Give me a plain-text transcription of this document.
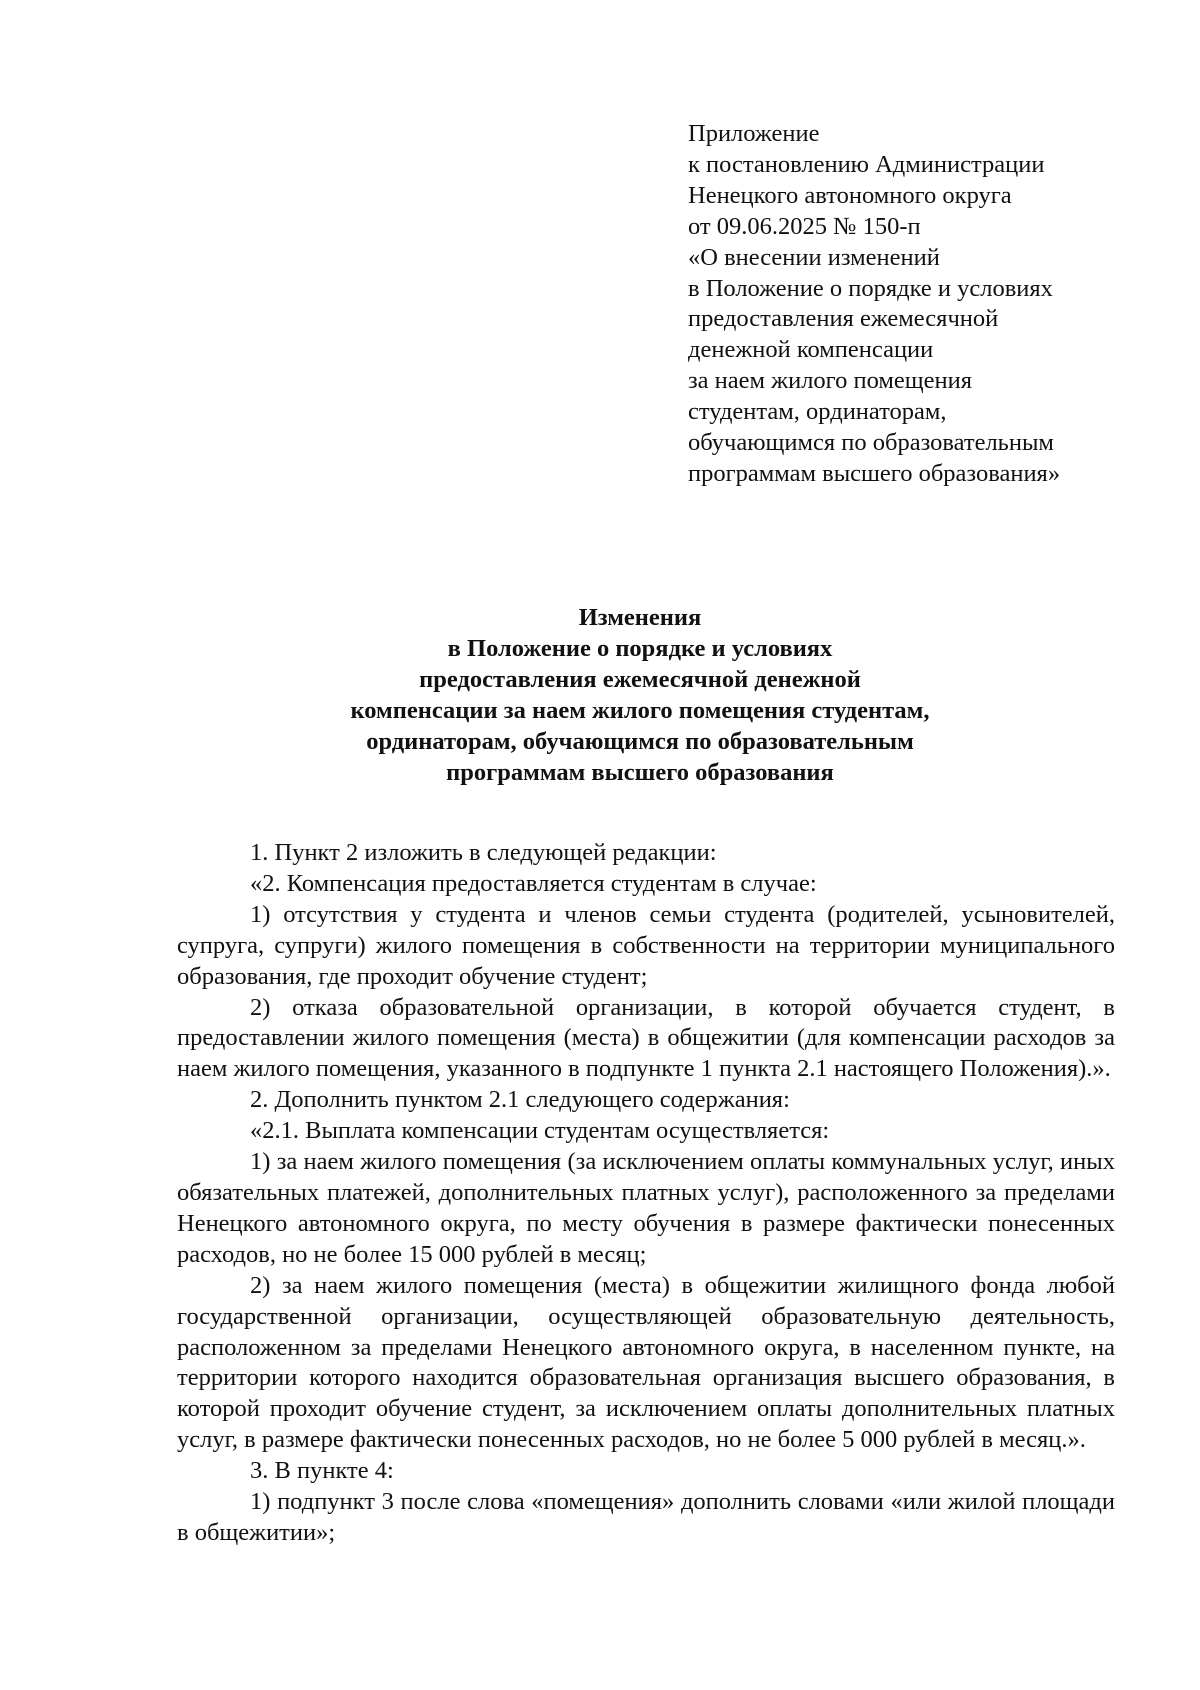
Приложение
к постановлению Администрации
Ненецкого автономного округа
от 09.06.2025 № 150-п
«О внесении изменений
в Положение о порядке и условиях
предоставления ежемесячной
денежной компенсации
за наем жилого помещения
студентам, ординаторам,
обучающимся по образовательным
программам высшего образования»
Изменения
в Положение о порядке и условиях
предоставления ежемесячной денежной
компенсации за наем жилого помещения студентам,
ординаторам, обучающимся по образовательным
программам высшего образования

1. Пункт 2 изложить в следующей редакции:

«2. Компенсация предоставляется студентам в случае:

1) отсутствия у студента и членов семьи студента (родителей, усыновителей, супруга, супруги) жилого помещения в собственности на территории муниципального образования, где проходит обучение студент;

2) отказа образовательной организации, в которой обучается студент, в предоставлении жилого помещения (места) в общежитии (для компенсации расходов за наем жилого помещения, указанного в подпункте 1 пункта 2.1 настоящего Положения).».

2. Дополнить пунктом 2.1 следующего содержания:

«2.1. Выплата компенсации студентам осуществляется:

1) за наем жилого помещения (за исключением оплаты коммунальных услуг, иных обязательных платежей, дополнительных платных услуг), расположенного за пределами Ненецкого автономного округа, по месту обучения в размере фактически понесенных расходов, но не более 15 000 рублей в месяц;

2) за наем жилого помещения (места) в общежитии жилищного фонда любой государственной организации, осуществляющей образовательную деятельность, расположенном за пределами Ненецкого автономного округа, в населенном пункте, на территории которого находится образовательная организация высшего образования, в которой проходит обучение студент, за исключением оплаты дополнительных платных услуг, в размере фактически понесенных расходов, но не более 5 000 рублей в месяц.».

3. В пункте 4:

1) подпункт 3 после слова «помещения» дополнить словами «или жилой площади в общежитии»;
